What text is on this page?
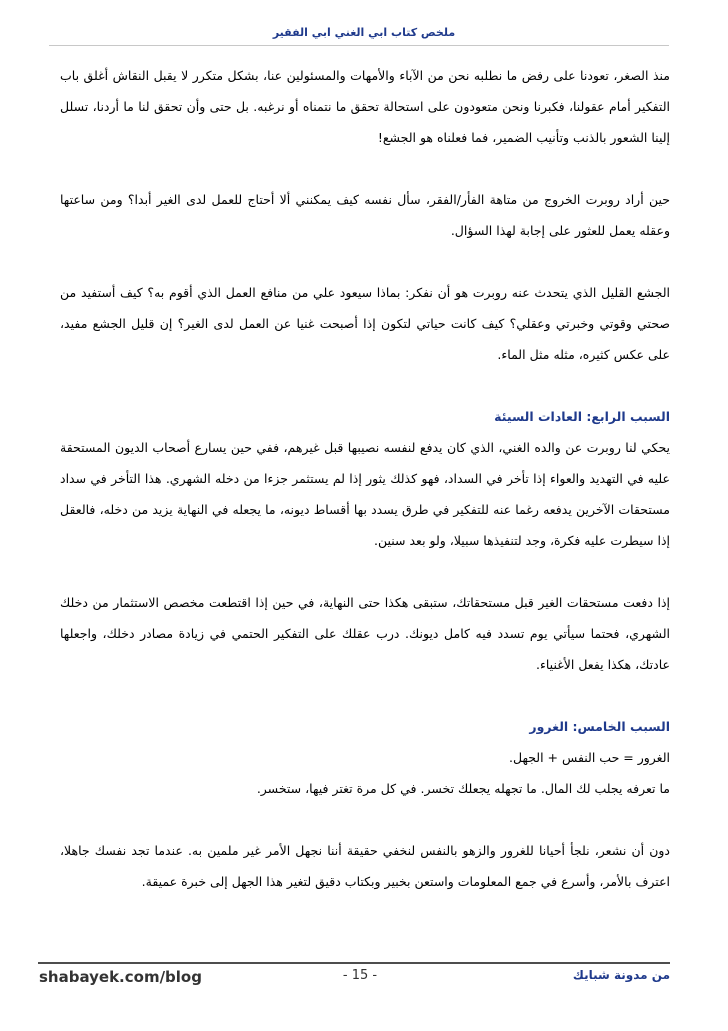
ملخص كتاب ابي الغني ابي الفقير

منذ الصغر، تعودنا على رفض ما نطلبه نحن من الآباء والأمهات والمسئولين عنا، بشكل متكرر لا يقبل النقاش أغلق باب التفكير أمام عقولنا، فكبرنا ونحن متعودون على استحالة تحقق ما نتمناه أو نرغبه. بل حتى وأن تحقق لنا ما أردنا، تسلل إلينا الشعور بالذنب وتأنيب الضمير، فما فعلناه هو الجشع!

حين أراد روبرت الخروج من متاهة الفأر/الفقر، سأل نفسه كيف يمكنني ألا أحتاج للعمل لدى الغير أبدا؟ ومن ساعتها وعقله يعمل للعثور على إجابة لهذا السؤال.

الجشع القليل الذي يتحدث عنه روبرت هو أن نفكر: بماذا سيعود علي من منافع العمل الذي أقوم به؟ كيف أستفيد من صحتي وقوتي وخبرتي وعقلي؟ كيف كانت حياتي لتكون إذا أصبحت غنيا عن العمل لدى الغير؟ إن قليل الجشع مفيد، على عكس كثيره، مثله مثل الماء.

السبب الرابع: العادات السيئة

يحكي لنا روبرت عن والده الغني، الذي كان يدفع لنفسه نصيبها قبل غيرهم، ففي حين يسارع أصحاب الديون المستحقة عليه في التهديد والعواء إذا تأخر في السداد، فهو كذلك يثور إذا لم يستثمر جزءا من دخله الشهري. هذا التأخر في سداد مستحقات الآخرين يدفعه رغما عنه للتفكير في طرق يسدد بها أقساط ديونه، ما يجعله في النهاية يزيد من دخله، فالعقل إذا سيطرت عليه فكرة، وجد لتنفيذها سبيلا، ولو بعد سنين.

إذا دفعت مستحقات الغير قبل مستحقاتك، ستبقى هكذا حتى النهاية، في حين إذا اقتطعت مخصص الاستثمار من دخلك الشهري، فحتما سيأتي يوم تسدد فيه كامل ديونك. درب عقلك على التفكير الحتمي في زيادة مصادر دخلك، واجعلها عادتك، هكذا يفعل الأغنياء.

السبب الخامس: الغرور

الغرور = حب النفس + الجهل.

ما تعرفه يجلب لك المال. ما تجهله يجعلك تخسر. في كل مرة تغتر فيها، ستخسر.

دون أن نشعر، نلجأ أحيانا للغرور والزهو بالنفس لنخفي حقيقة أننا نجهل الأمر غير ملمين به. عندما تجد نفسك جاهلا، اعترف بالأمر، وأسرع في جمع المعلومات واستعن بخبير وبكتاب دقيق لتغير هذا الجهل إلى خبرة عميقة.

shabayek.com/blog	- 15 -	من مدونة شبايك
